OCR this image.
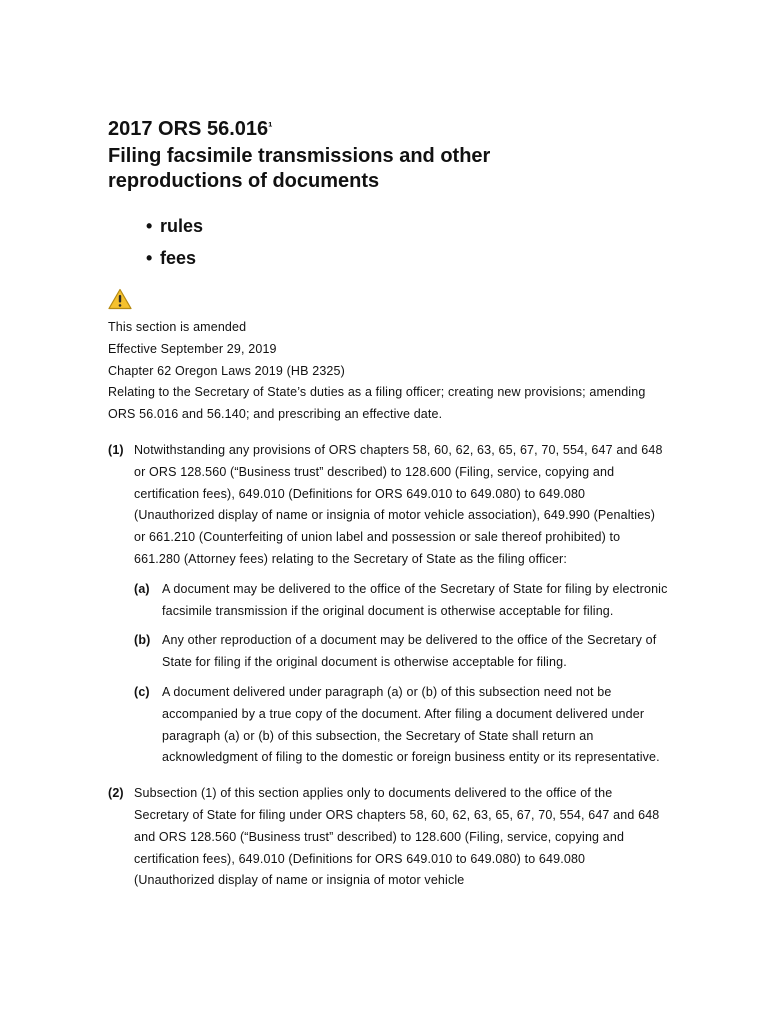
2017 ORS $56.016^{^1}$
Filing facsimile transmissions and other reproductions of documents
• rules
• fees
This section is amended
Effective September 29, 2019
Chapter 62 Oregon Laws 2019 (HB 2325)
Relating to the Secretary of State’s duties as a filing officer; creating new provisions; amending ORS 56.016 and 56.140; and prescribing an effective date.
(1) Notwithstanding any provisions of ORS chapters 58, 60, 62, 63, 65, 67, 70, 554, 647 and 648 or ORS 128.560 (“Business trust” described) to 128.600 (Filing, service, copying and certification fees), 649.010 (Definitions for ORS 649.010 to 649.080) to 649.080 (Unauthorized display of name or insignia of motor vehicle association), 649.990 (Penalties) or 661.210 (Counterfeiting of union label and possession or sale thereof prohibited) to 661.280 (Attorney fees) relating to the Secretary of State as the filing officer:
(a) A document may be delivered to the office of the Secretary of State for filing by electronic facsimile transmission if the original document is otherwise acceptable for filing.
(b) Any other reproduction of a document may be delivered to the office of the Secretary of State for filing if the original document is otherwise acceptable for filing.
(c) A document delivered under paragraph (a) or (b) of this subsection need not be accompanied by a true copy of the document. After filing a document delivered under paragraph (a) or (b) of this subsection, the Secretary of State shall return an acknowledgment of filing to the domestic or foreign business entity or its representative.
(2) Subsection (1) of this section applies only to documents delivered to the office of the Secretary of State for filing under ORS chapters 58, 60, 62, 63, 65, 67, 70, 554, 647 and 648 and ORS 128.560 (“Business trust” described) to 128.600 (Filing, service, copying and certification fees), 649.010 (Definitions for ORS 649.010 to 649.080) to 649.080 (Unauthorized display of name or insignia of motor vehicle
